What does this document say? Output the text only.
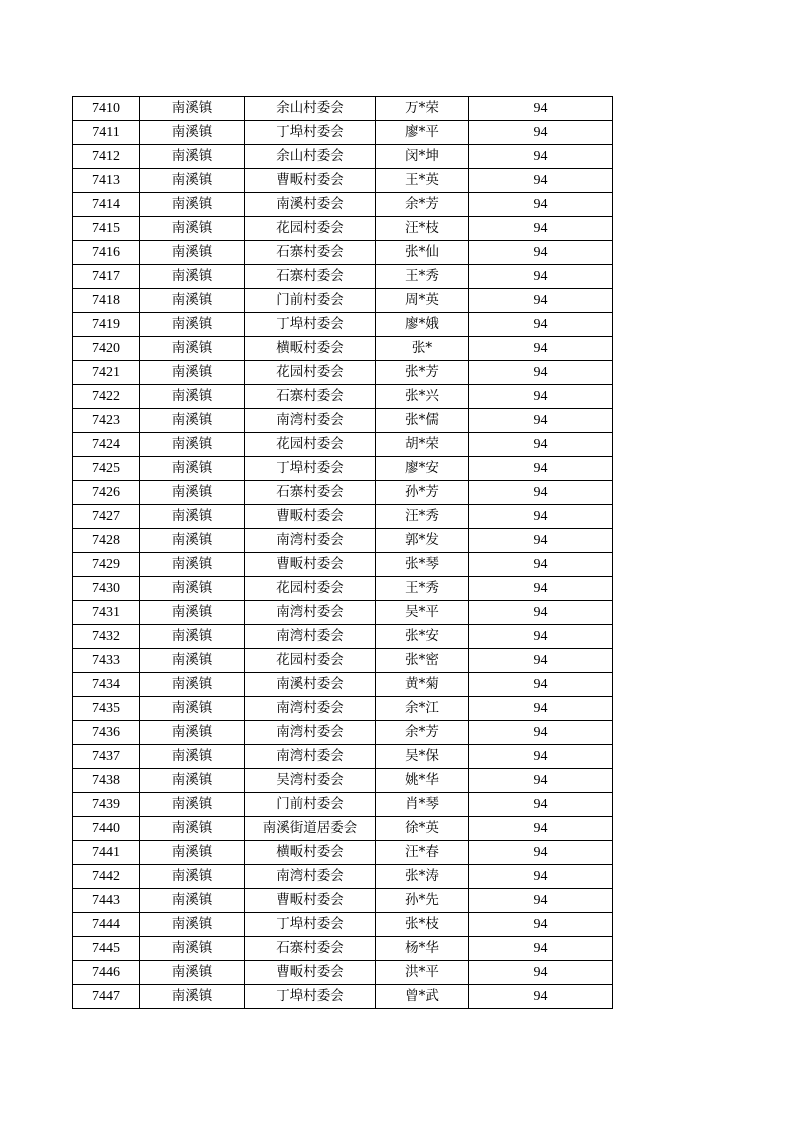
7410	南溪镇	余山村委会	万*荣	94
7411	南溪镇	丁埠村委会	廖*平	94
7412	南溪镇	余山村委会	闵*坤	94
7413	南溪镇	曹畈村委会	王*英	94
7414	南溪镇	南溪村委会	余*芳	94
7415	南溪镇	花园村委会	汪*枝	94
7416	南溪镇	石寨村委会	张*仙	94
7417	南溪镇	石寨村委会	王*秀	94
7418	南溪镇	门前村委会	周*英	94
7419	南溪镇	丁埠村委会	廖*娥	94
7420	南溪镇	横畈村委会	张*	94
7421	南溪镇	花园村委会	张*芳	94
7422	南溪镇	石寨村委会	张*兴	94
7423	南溪镇	南湾村委会	张*儒	94
7424	南溪镇	花园村委会	胡*荣	94
7425	南溪镇	丁埠村委会	廖*安	94
7426	南溪镇	石寨村委会	孙*芳	94
7427	南溪镇	曹畈村委会	汪*秀	94
7428	南溪镇	南湾村委会	郭*发	94
7429	南溪镇	曹畈村委会	张*琴	94
7430	南溪镇	花园村委会	王*秀	94
7431	南溪镇	南湾村委会	吴*平	94
7432	南溪镇	南湾村委会	张*安	94
7433	南溪镇	花园村委会	张*密	94
7434	南溪镇	南溪村委会	黄*菊	94
7435	南溪镇	南湾村委会	余*江	94
7436	南溪镇	南湾村委会	余*芳	94
7437	南溪镇	南湾村委会	吴*保	94
7438	南溪镇	吴湾村委会	姚*华	94
7439	南溪镇	门前村委会	肖*琴	94
7440	南溪镇	南溪街道居委会	徐*英	94
7441	南溪镇	横畈村委会	汪*春	94
7442	南溪镇	南湾村委会	张*涛	94
7443	南溪镇	曹畈村委会	孙*先	94
7444	南溪镇	丁埠村委会	张*枝	94
7445	南溪镇	石寨村委会	杨*华	94
7446	南溪镇	曹畈村委会	洪*平	94
7447	南溪镇	丁埠村委会	曾*武	94
